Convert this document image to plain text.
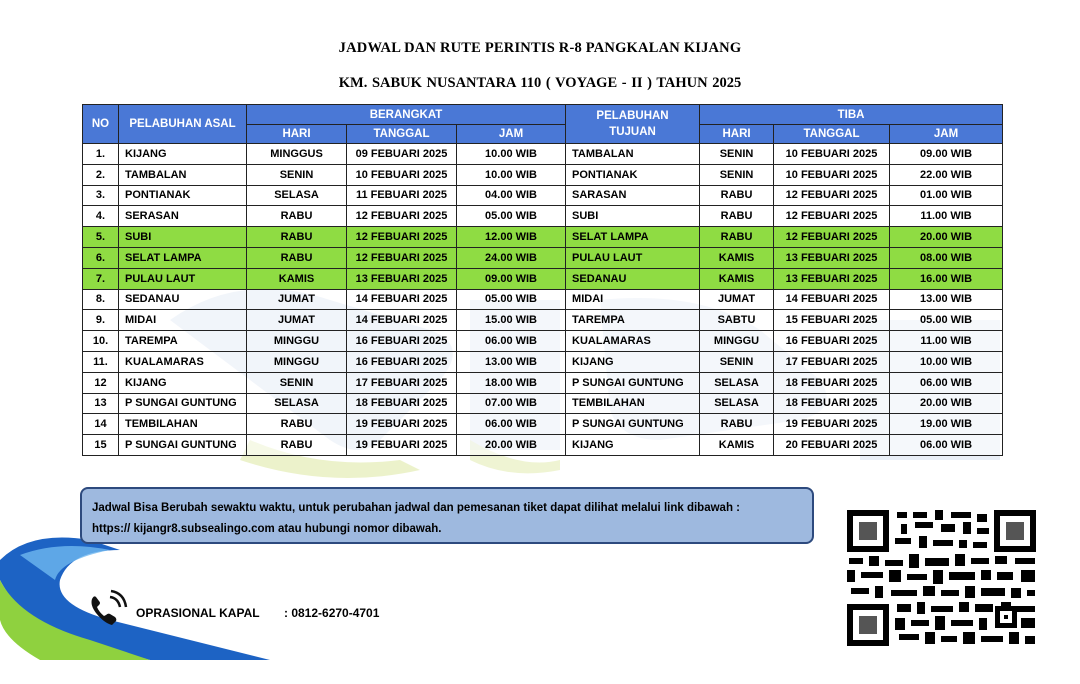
JADWAL DAN RUTE PERINTIS R-8 PANGKALAN KIJANG
KM. SABUK NUSANTARA 110 ( VOYAGE - II ) TAHUN 2025
NO	PELABUHAN ASAL	BERANGKAT			PELABUHAN
TUJUAN	TIBA		
		HARI	TANGGAL	JAM		HARI	TANGGAL	JAM
1.	KIJANG	MINGGUS	09 FEBUARI 2025	10.00 WIB	TAMBALAN	SENIN	10 FEBUARI 2025	09.00 WIB
2.	TAMBALAN	SENIN	10 FEBUARI 2025	10.00 WIB	PONTIANAK	SENIN	10 FEBUARI 2025	22.00 WIB
3.	PONTIANAK	SELASA	11 FEBUARI 2025	04.00 WIB	SARASAN	RABU	12 FEBUARI 2025	01.00 WIB
4.	SERASAN	RABU	12 FEBUARI 2025	05.00 WIB	SUBI	RABU	12 FEBUARI 2025	11.00 WIB
5.	SUBI	RABU	12 FEBUARI 2025	12.00 WIB	SELAT LAMPA	RABU	12 FEBUARI 2025	20.00 WIB
6.	SELAT LAMPA	RABU	12 FEBUARI 2025	24.00 WIB	PULAU LAUT	KAMIS	13 FEBUARI 2025	08.00 WIB
7.	PULAU LAUT	KAMIS	13 FEBUARI 2025	09.00 WIB	SEDANAU	KAMIS	13 FEBUARI 2025	16.00 WIB
8.	SEDANAU	JUMAT	14 FEBUARI 2025	05.00 WIB	MIDAI	JUMAT	14 FEBUARI 2025	13.00 WIB
9.	MIDAI	JUMAT	14 FEBUARI 2025	15.00 WIB	TAREMPA	SABTU	15 FEBUARI 2025	05.00 WIB
10.	TAREMPA	MINGGU	16 FEBUARI 2025	06.00 WIB	KUALAMARAS	MINGGU	16 FEBUARI 2025	11.00 WIB
11.	KUALAMARAS	MINGGU	16 FEBUARI 2025	13.00 WIB	KIJANG	SENIN	17 FEBUARI 2025	10.00 WIB
12	KIJANG	SENIN	17 FEBUARI 2025	18.00 WIB	P SUNGAI GUNTUNG	SELASA	18 FEBUARI 2025	06.00 WIB
13	P SUNGAI GUNTUNG	SELASA	18 FEBUARI 2025	07.00 WIB	TEMBILAHAN	SELASA	18 FEBUARI 2025	20.00 WIB
14	TEMBILAHAN	RABU	19 FEBUARI 2025	06.00 WIB	P SUNGAI GUNTUNG	RABU	19 FEBUARI 2025	19.00 WIB
15	P SUNGAI GUNTUNG	RABU	19 FEBUARI 2025	20.00 WIB	KIJANG	KAMIS	20 FEBUARI 2025	06.00 WIB
Jadwal Bisa Berubah sewaktu waktu, untuk perubahan jadwal dan pemesanan tiket dapat dilihat melalui link dibawah :
https:// kijangr8.subsealingo.com atau hubungi nomor dibawah.
OPRASIONAL KAPAL : 0812-6270-4701
